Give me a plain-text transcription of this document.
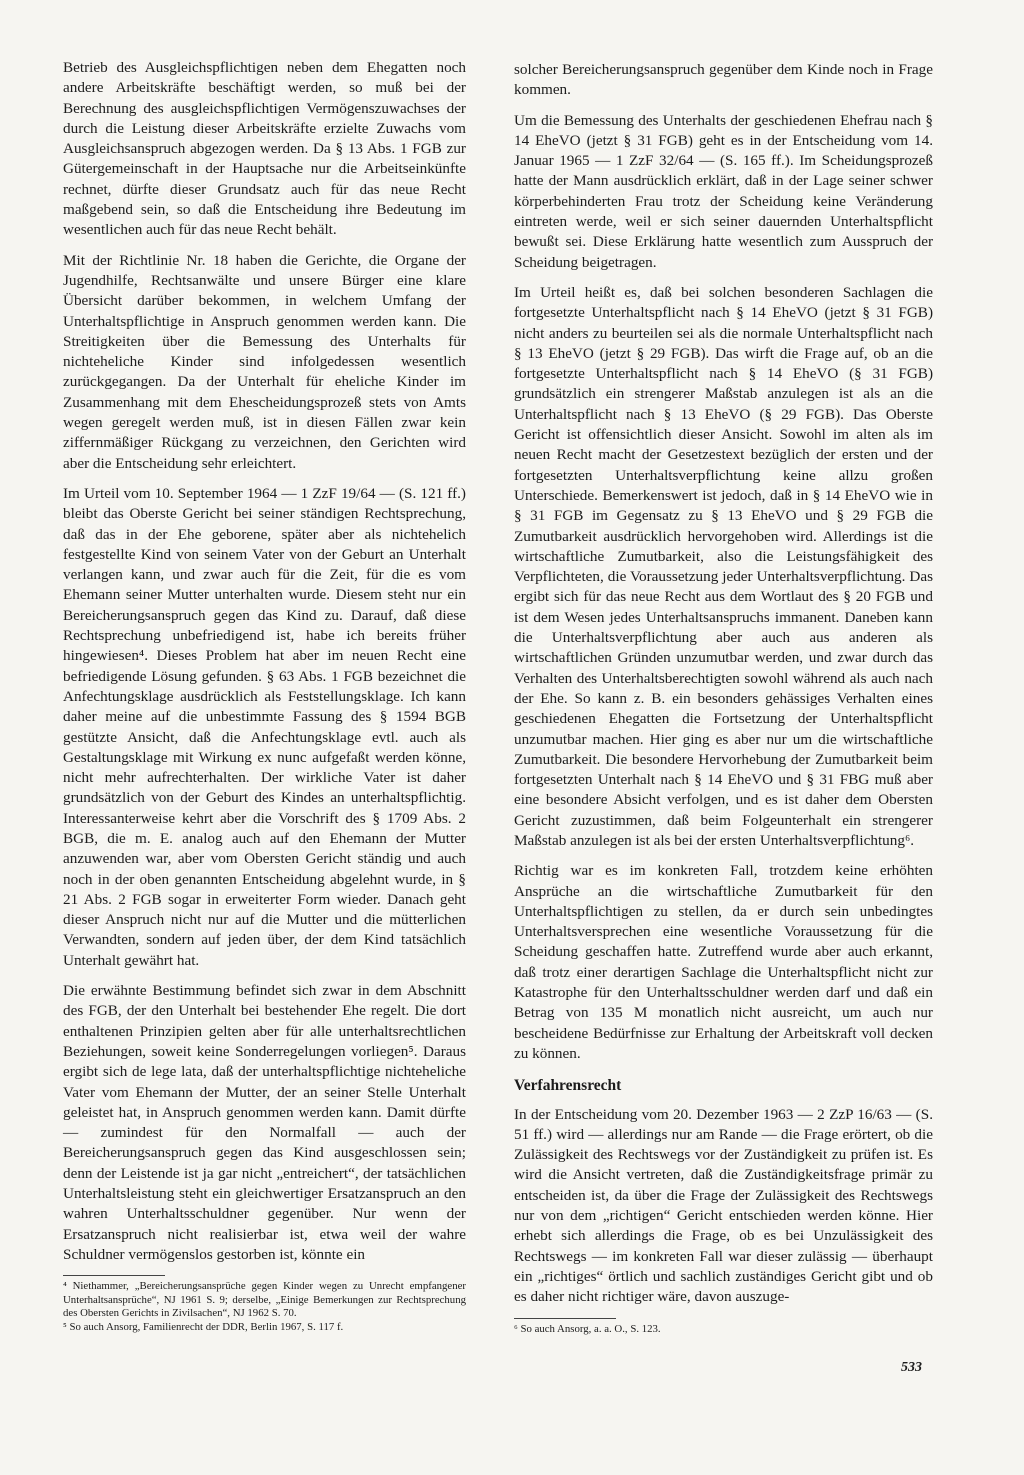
Betrieb des Ausgleichspflichtigen neben dem Ehegatten noch andere Arbeitskräfte beschäftigt werden, so muß bei der Berechnung des ausgleichspflichtigen Vermögenszuwachses der durch die Leistung dieser Arbeitskräfte erzielte Zuwachs vom Ausgleichsanspruch abgezogen werden. Da § 13 Abs. 1 FGB zur Gütergemeinschaft in der Hauptsache nur die Arbeitseinkünfte rechnet, dürfte dieser Grundsatz auch für das neue Recht maßgebend sein, so daß die Entscheidung ihre Bedeutung im wesentlichen auch für das neue Recht behält.

Mit der Richtlinie Nr. 18 haben die Gerichte, die Organe der Jugendhilfe, Rechtsanwälte und unsere Bürger eine klare Übersicht darüber bekommen, in welchem Umfang der Unterhaltspflichtige in Anspruch genommen werden kann. Die Streitigkeiten über die Bemessung des Unterhalts für nichteheliche Kinder sind infolgedessen wesentlich zurückgegangen. Da der Unterhalt für eheliche Kinder im Zusammenhang mit dem Ehescheidungsprozeß stets von Amts wegen geregelt werden muß, ist in diesen Fällen zwar kein ziffernmäßiger Rückgang zu verzeichnen, den Gerichten wird aber die Entscheidung sehr erleichtert.

Im Urteil vom 10. September 1964 — 1 ZzF 19/64 — (S. 121 ff.) bleibt das Oberste Gericht bei seiner ständigen Rechtsprechung, daß das in der Ehe geborene, später aber als nichtehelich festgestellte Kind von seinem Vater von der Geburt an Unterhalt verlangen kann, und zwar auch für die Zeit, für die es vom Ehemann seiner Mutter unterhalten wurde. Diesem steht nur ein Bereicherungsanspruch gegen das Kind zu. Darauf, daß diese Rechtsprechung unbefriedigend ist, habe ich bereits früher hingewiesen⁴. Dieses Problem hat aber im neuen Recht eine befriedigende Lösung gefunden. § 63 Abs. 1 FGB bezeichnet die Anfechtungsklage ausdrücklich als Feststellungsklage. Ich kann daher meine auf die unbestimmte Fassung des § 1594 BGB gestützte Ansicht, daß die Anfechtungsklage evtl. auch als Gestaltungsklage mit Wirkung ex nunc aufgefaßt werden könne, nicht mehr aufrechterhalten. Der wirkliche Vater ist daher grundsätzlich von der Geburt des Kindes an unterhaltspflichtig. Interessanterweise kehrt aber die Vorschrift des § 1709 Abs. 2 BGB, die m. E. analog auch auf den Ehemann der Mutter anzuwenden war, aber vom Obersten Gericht ständig und auch noch in der oben genannten Entscheidung abgelehnt wurde, in § 21 Abs. 2 FGB sogar in erweiterter Form wieder. Danach geht dieser Anspruch nicht nur auf die Mutter und die mütterlichen Verwandten, sondern auf jeden über, der dem Kind tatsächlich Unterhalt gewährt hat.

Die erwähnte Bestimmung befindet sich zwar in dem Abschnitt des FGB, der den Unterhalt bei bestehender Ehe regelt. Die dort enthaltenen Prinzipien gelten aber für alle unterhaltsrechtlichen Beziehungen, soweit keine Sonderregelungen vorliegen⁵. Daraus ergibt sich de lege lata, daß der unterhaltspflichtige nichteheliche Vater vom Ehemann der Mutter, der an seiner Stelle Unterhalt geleistet hat, in Anspruch genommen werden kann. Damit dürfte — zumindest für den Normalfall — auch der Bereicherungsanspruch gegen das Kind ausgeschlossen sein; denn der Leistende ist ja gar nicht „entreichert“, der tatsächlichen Unterhaltsleistung steht ein gleichwertiger Ersatzanspruch an den wahren Unterhaltsschuldner gegenüber. Nur wenn der Ersatzanspruch nicht realisierbar ist, etwa weil der wahre Schuldner vermögenslos gestorben ist, könnte ein

⁴ Niethammer, „Bereicherungsansprüche gegen Kinder wegen zu Unrecht empfangener Unterhaltsansprüche“, NJ 1961 S. 9; derselbe, „Einige Bemerkungen zur Rechtsprechung des Obersten Gerichts in Zivilsachen“, NJ 1962 S. 70.

⁵ So auch Ansorg, Familienrecht der DDR, Berlin 1967, S. 117 f.

solcher Bereicherungsanspruch gegenüber dem Kinde noch in Frage kommen.

Um die Bemessung des Unterhalts der geschiedenen Ehefrau nach § 14 EheVO (jetzt § 31 FGB) geht es in der Entscheidung vom 14. Januar 1965 — 1 ZzF 32/64 — (S. 165 ff.). Im Scheidungsprozeß hatte der Mann ausdrücklich erklärt, daß in der Lage seiner schwer körperbehinderten Frau trotz der Scheidung keine Veränderung eintreten werde, weil er sich seiner dauernden Unterhaltspflicht bewußt sei. Diese Erklärung hatte wesentlich zum Ausspruch der Scheidung beigetragen.

Im Urteil heißt es, daß bei solchen besonderen Sachlagen die fortgesetzte Unterhaltspflicht nach § 14 EheVO (jetzt § 31 FGB) nicht anders zu beurteilen sei als die normale Unterhaltspflicht nach § 13 EheVO (jetzt § 29 FGB). Das wirft die Frage auf, ob an die fortgesetzte Unterhaltspflicht nach § 14 EheVO (§ 31 FGB) grundsätzlich ein strengerer Maßstab anzulegen ist als an die Unterhaltspflicht nach § 13 EheVO (§ 29 FGB). Das Oberste Gericht ist offensichtlich dieser Ansicht. Sowohl im alten als im neuen Recht macht der Gesetzestext bezüglich der ersten und der fortgesetzten Unterhaltsverpflichtung keine allzu großen Unterschiede. Bemerkenswert ist jedoch, daß in § 14 EheVO wie in § 31 FGB im Gegensatz zu § 13 EheVO und § 29 FGB die Zumutbarkeit ausdrücklich hervorgehoben wird. Allerdings ist die wirtschaftliche Zumutbarkeit, also die Leistungsfähigkeit des Verpflichteten, die Voraussetzung jeder Unterhaltsverpflichtung. Das ergibt sich für das neue Recht aus dem Wortlaut des § 20 FGB und ist dem Wesen jedes Unterhaltsanspruchs immanent. Daneben kann die Unterhaltsverpflichtung aber auch aus anderen als wirtschaftlichen Gründen unzumutbar werden, und zwar durch das Verhalten des Unterhaltsberechtigten sowohl während als auch nach der Ehe. So kann z. B. ein besonders gehässiges Verhalten eines geschiedenen Ehegatten die Fortsetzung der Unterhaltspflicht unzumutbar machen. Hier ging es aber nur um die wirtschaftliche Zumutbarkeit. Die besondere Hervorhebung der Zumutbarkeit beim fortgesetzten Unterhalt nach § 14 EheVO und § 31 FBG muß aber eine besondere Absicht verfolgen, und es ist daher dem Obersten Gericht zuzustimmen, daß beim Folgeunterhalt ein strengerer Maßstab anzulegen ist als bei der ersten Unterhaltsverpflichtung⁶.

Richtig war es im konkreten Fall, trotzdem keine erhöhten Ansprüche an die wirtschaftliche Zumutbarkeit für den Unterhaltspflichtigen zu stellen, da er durch sein unbedingtes Unterhaltsversprechen eine wesentliche Voraussetzung für die Scheidung geschaffen hatte. Zutreffend wurde aber auch erkannt, daß trotz einer derartigen Sachlage die Unterhaltspflicht nicht zur Katastrophe für den Unterhaltsschuldner werden darf und daß ein Betrag von 135 M monatlich nicht ausreicht, um auch nur bescheidene Bedürfnisse zur Erhaltung der Arbeitskraft voll decken zu können.

Verfahrensrecht

In der Entscheidung vom 20. Dezember 1963 — 2 ZzP 16/63 — (S. 51 ff.) wird — allerdings nur am Rande — die Frage erörtert, ob die Zulässigkeit des Rechtswegs vor der Zuständigkeit zu prüfen ist. Es wird die Ansicht vertreten, daß die Zuständigkeitsfrage primär zu entscheiden ist, da über die Frage der Zulässigkeit des Rechtswegs nur von dem „richtigen“ Gericht entschieden werden könne. Hier erhebt sich allerdings die Frage, ob es bei Unzulässigkeit des Rechtswegs — im konkreten Fall war dieser zulässig — überhaupt ein „richtiges“ örtlich und sachlich zuständiges Gericht gibt und ob es daher nicht richtiger wäre, davon auszuge-

⁶ So auch Ansorg, a. a. O., S. 123.

533
